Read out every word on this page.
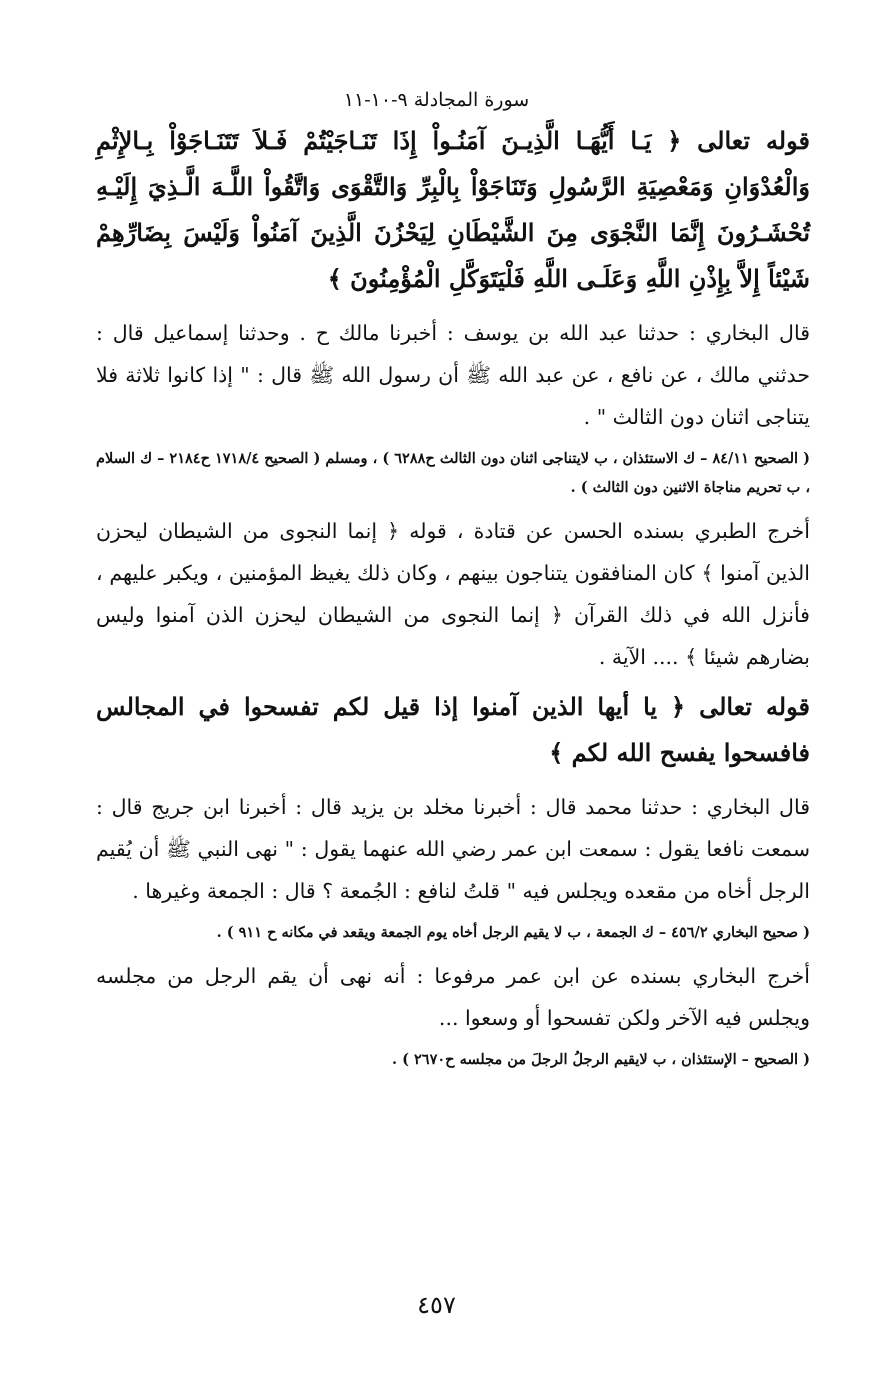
سورة المجادلة ٩-١٠-١١

قوله تعالى ﴿ يَـا أَيُّهَـا الَّذِيـنَ آمَنُـواْ إِذَا تَنَـاجَيْتُمْ فَـلاَ تَتَنَـاجَوْاْ بِـالإِثْمِ وَالْعُدْوَانِ وَمَعْصِيَةِ الرَّسُولِ وَتَنَاجَوْاْ بِالْبِرِّ وَالتَّقْوَى وَاتَّقُواْ اللَّـهَ الَّـذِيَ إِلَيْـهِ تُحْشَـرُونَ إِنَّمَا النَّجْوَى مِنَ الشَّيْطَانِ لِيَحْزُنَ الَّذِينَ آمَنُواْ وَلَيْسَ بِضَارِّهِمْ شَيْئاً إِلاَّ بِإِذْنِ اللَّهِ وَعَلَـى اللَّهِ فَلْيَتَوَكَّلِ الْمُؤْمِنُونَ ﴾

قال البخاري : حدثنا عبد الله بن يوسف : أخبرنا مالك ح . وحدثنا إسماعيل قال : حدثني مالك ، عن نافع ، عن عبد الله ﷺ أن رسول الله ﷺ قال : " إذا كانوا ثلاثة فلا يتناجى اثنان دون الثالث " .

( الصحيح ٨٤/١١ – ك الاستئذان ، ب لايتناجى اثنان دون الثالث ح٦٢٨٨ ) ، ومسلم ( الصحيح ١٧١٨/٤ ح٢١٨٤ – ك السلام ، ب تحريم مناجاة الاثنين دون الثالث ) .

أخرج الطبري بسنده الحسن عن قتادة ، قوله ﴿ إنما النجوى من الشيطان ليحزن الذين آمنوا ﴾ كان المنافقون يتناجون بينهم ، وكان ذلك يغيظ المؤمنين ، ويكبر عليهم ، فأنزل الله في ذلك القرآن ﴿ إنما النجوى من الشيطان ليحزن الذن آمنوا وليس بضارهم شيئا ﴾ .... الآية .

قوله تعالى ﴿ يا أيها الذين آمنوا إذا قيل لكم تفسحوا في المجالس فافسحوا يفسح الله لكم ﴾

قال البخاري : حدثنا محمد قال : أخبرنا مخلد بن يزيد قال : أخبرنا ابن جريج قال : سمعت نافعا يقول : سمعت ابن عمر رضي الله عنهما يقول : " نهى النبي ﷺ أن يُقيم الرجل أخاه من مقعده ويجلس فيه " قلتُ لنافع : الجُمعة ؟ قال : الجمعة وغيرها .

( صحيح البخاري ٤٥٦/٢ – ك الجمعة ، ب لا يقيم الرجل أخاه يوم الجمعة ويقعد في مكانه ح ٩١١ ) .

أخرج البخاري بسنده عن ابن عمر مرفوعا : أنه نهى أن يقم الرجل من مجلسه ويجلس فيه الآخر ولكن تفسحوا أو وسعوا ...

( الصحيح – الإستئذان ، ب لايقيم الرجلُ الرجلَ من مجلسه ح٢٦٧٠ ) .

٤٥٧
